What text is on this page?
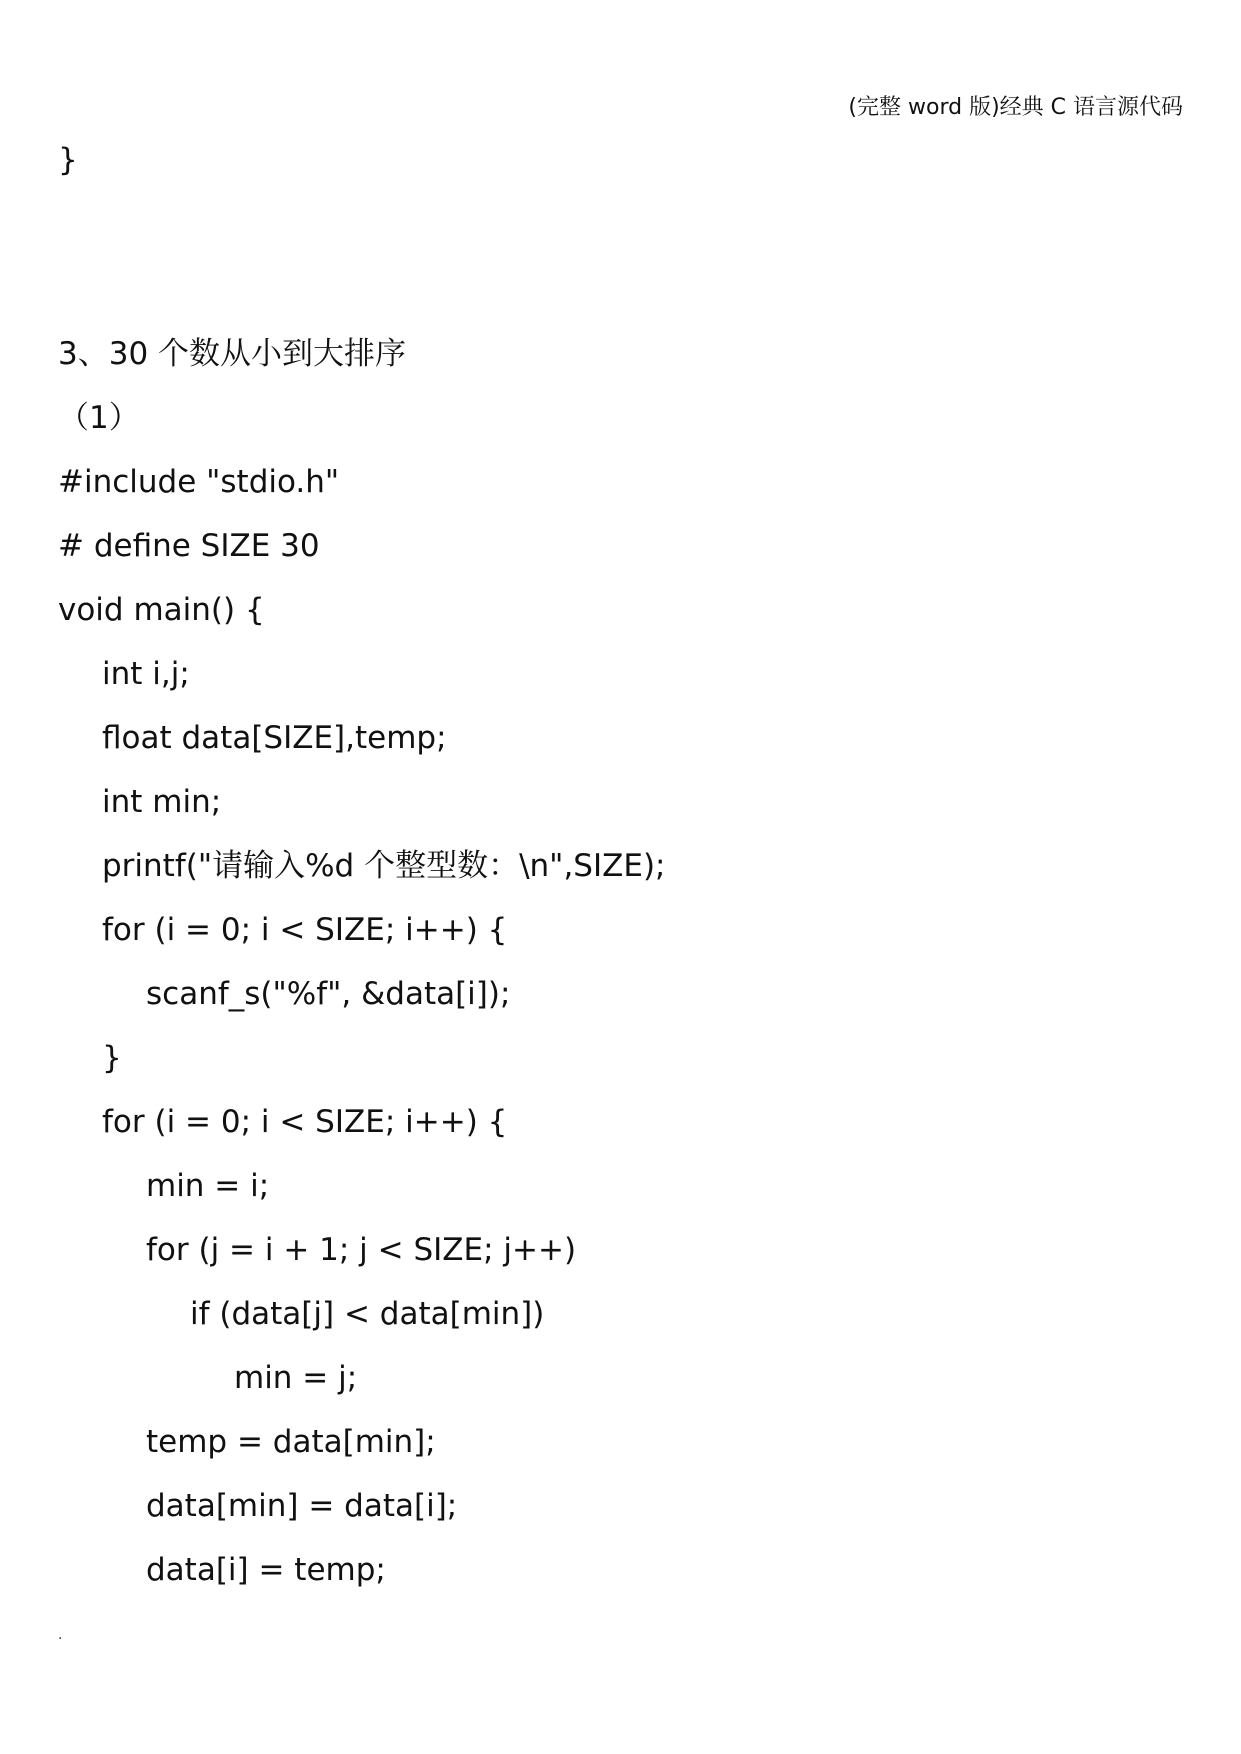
(完整 word 版)经典 C 语言源代码
}
3、30 个数从小到大排序
（1）
#include "stdio.h"
# define SIZE 30
void main() {
int i,j;
float data[SIZE],temp;
int min;
printf("请输入%d 个整型数：\n",SIZE);
for (i = 0; i < SIZE; i++) {
scanf_s("%f", &data[i]);
}
for (i = 0; i < SIZE; i++) {
min = i;
for (j = i + 1; j < SIZE; j++)
if (data[j] < data[min])
min = j;
temp = data[min];
data[min] = data[i];
data[i] = temp;
·
